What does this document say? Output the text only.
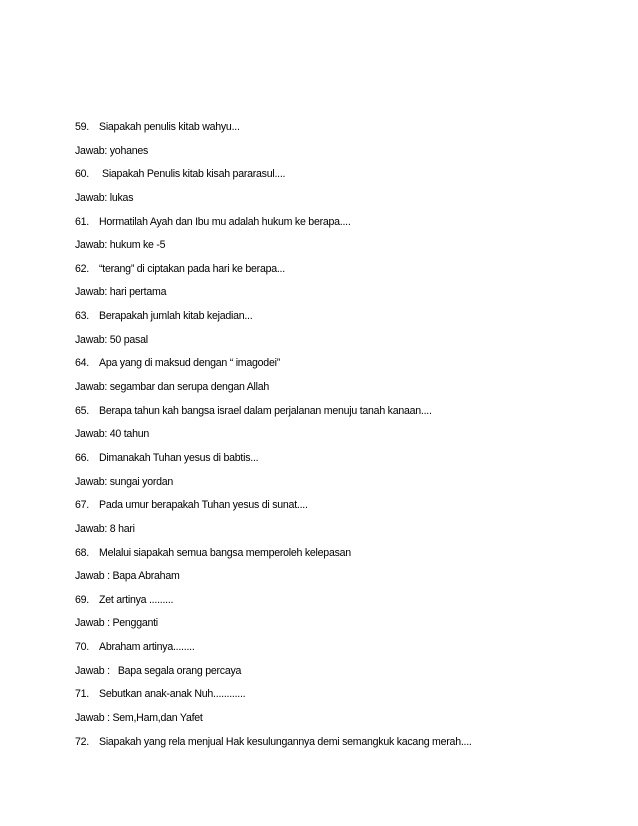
59. Siapakah penulis kitab wahyu...
Jawab: yohanes
60. Siapakah Penulis kitab kisah pararasul....
Jawab: lukas
61. Hormatilah Ayah dan Ibu mu adalah hukum ke berapa....
Jawab: hukum ke -5
62. “terang” di ciptakan pada hari ke berapa...
Jawab: hari pertama
63. Berapakah jumlah kitab kejadian...
Jawab: 50 pasal
64. Apa yang di maksud dengan “ imagodei”
Jawab: segambar dan serupa dengan Allah
65. Berapa tahun kah bangsa israel dalam perjalanan menuju tanah kanaan....
Jawab: 40 tahun
66. Dimanakah Tuhan yesus di babtis...
Jawab: sungai yordan
67. Pada umur berapakah Tuhan yesus di sunat....
Jawab: 8 hari
68. Melalui siapakah semua bangsa memperoleh kelepasan
Jawab : Bapa Abraham
69. Zet artinya .........
Jawab : Pengganti
70. Abraham artinya........
Jawab :   Bapa segala orang percaya
71. Sebutkan anak-anak Nuh............
Jawab : Sem,Ham,dan Yafet
72. Siapakah yang rela menjual Hak kesulungannya demi semangkuk kacang merah....
